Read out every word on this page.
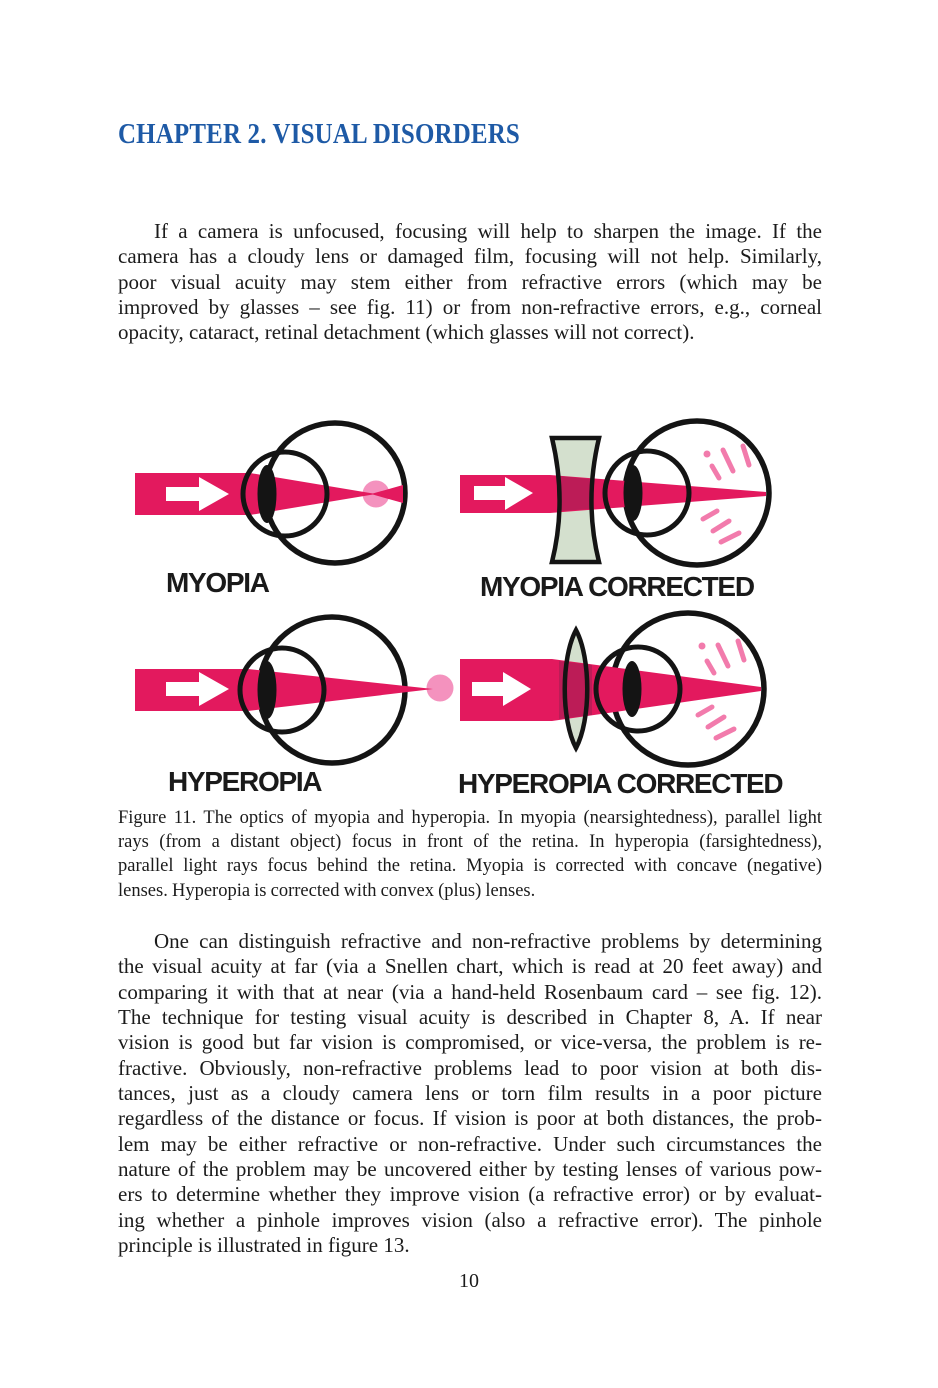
CHAPTER 2. VISUAL DISORDERS
If a camera is unfocused, focusing will help to sharpen the image. If the
camera has a cloudy lens or damaged film, focusing will not help. Similarly,
poor visual acuity may stem either from refractive errors (which may be
improved by glasses – see fig. 11) or from non-refractive errors, e.g., corneal
opacity, cataract, retinal detachment (which glasses will not correct).
MYOPIA	MYOPIA CORRECTED
HYPEROPIA	HYPEROPIA CORRECTED
Figure 11. The optics of myopia and hyperopia. In myopia (nearsightedness), parallel light
rays (from a distant object) focus in front of the retina. In hyperopia (farsightedness),
parallel light rays focus behind the retina. Myopia is corrected with concave (negative)
lenses. Hyperopia is corrected with convex (plus) lenses.
One can distinguish refractive and non-refractive problems by determining
the visual acuity at far (via a Snellen chart, which is read at 20 feet away) and
comparing it with that at near (via a hand-held Rosenbaum card – see fig. 12).
The technique for testing visual acuity is described in Chapter 8, A. If near
vision is good but far vision is compromised, or vice-versa, the problem is re-
fractive. Obviously, non-refractive problems lead to poor vision at both dis-
tances, just as a cloudy camera lens or torn film results in a poor picture
regardless of the distance or focus. If vision is poor at both distances, the prob-
lem may be either refractive or non-refractive. Under such circumstances the
nature of the problem may be uncovered either by testing lenses of various pow-
ers to determine whether they improve vision (a refractive error) or by evaluat-
ing whether a pinhole improves vision (also a refractive error). The pinhole
principle is illustrated in figure 13.
10
